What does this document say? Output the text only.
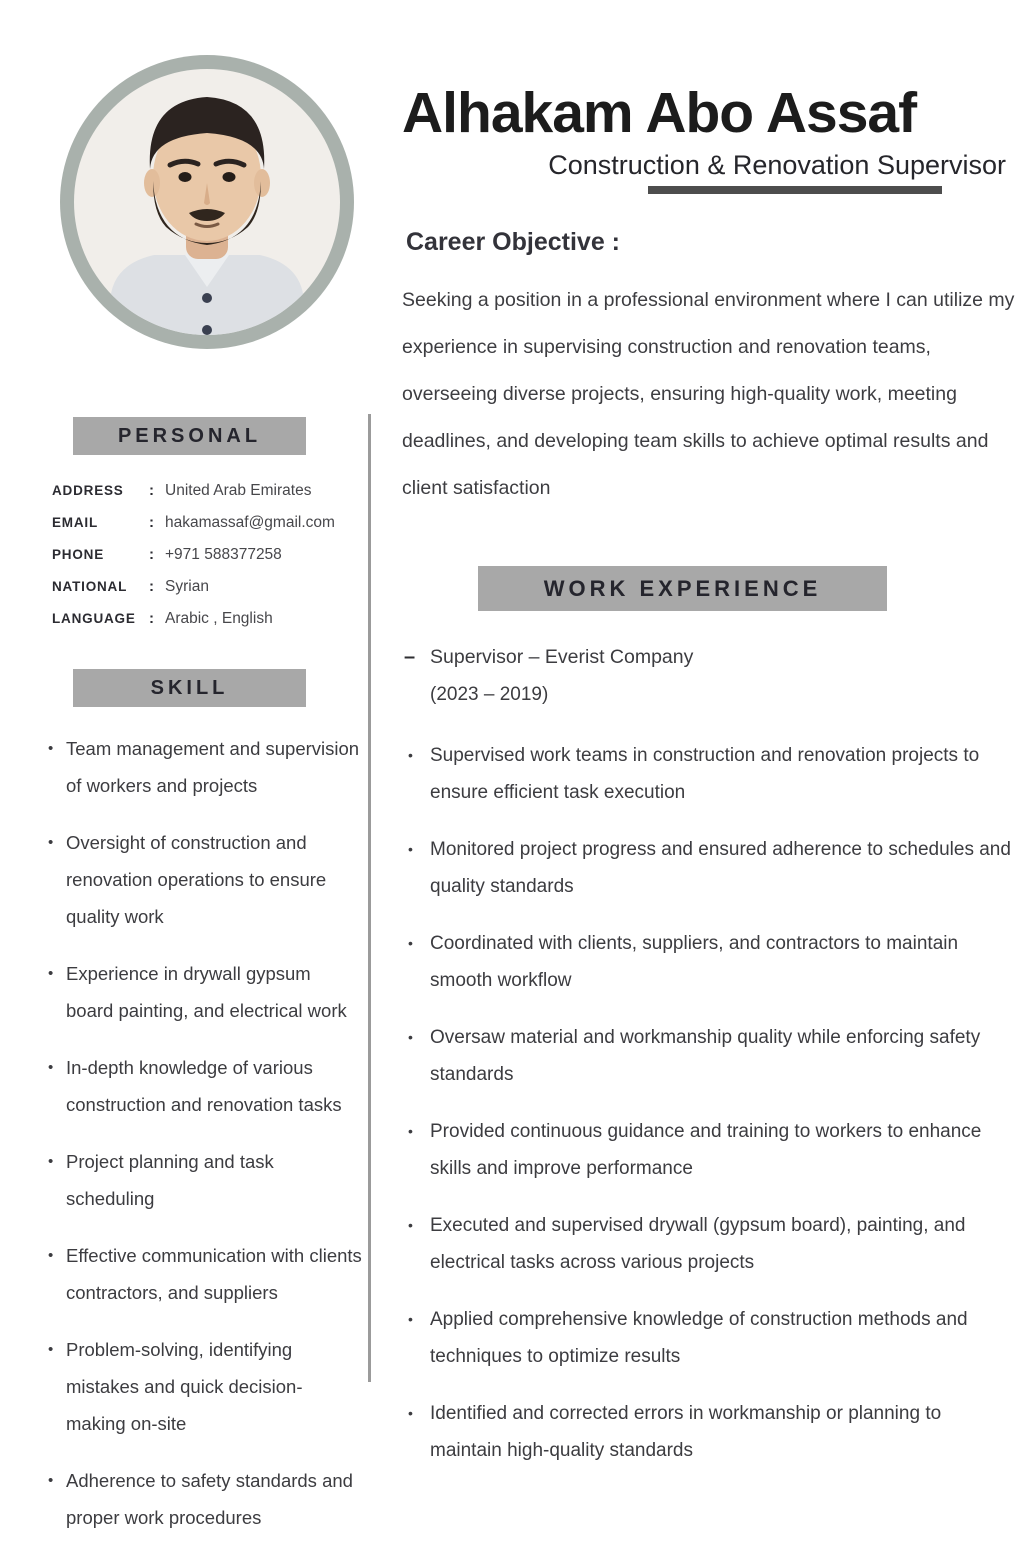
PERSONAL
ADDRESS	: United Arab Emirates
EMAIL	: hakamassaf@gmail.com
PHONE	: +971 588377258
NATIONAL	: Syrian
LANGUAGE : Arabic , English
SKILL
• Team management and supervision of workers and projects
• Oversight of construction and renovation operations to ensure quality work
• Experience in drywall gypsum board painting, and electrical work
• In-depth knowledge of various construction and renovation tasks
• Project planning and task scheduling
• Effective communication with clients contractors, and suppliers
• Problem-solving, identifying mistakes and quick decision-making on-site
• Adherence to safety standards and proper work procedures
Alhakam Abo Assaf
Construction & Renovation Supervisor
Career Objective :

Seeking a position in a professional environment where I can utilize my experience in supervising construction and renovation teams, overseeing diverse projects, ensuring high-quality work, meeting deadlines, and developing team skills to achieve optimal results and client satisfaction

WORK EXPERIENCE
– Supervisor – Everist Company
(2023 – 2019)
• Supervised work teams in construction and renovation projects to ensure efficient task execution
• Monitored project progress and ensured adherence to schedules and quality standards
• Coordinated with clients, suppliers, and contractors to maintain smooth workflow
• Oversaw material and workmanship quality while enforcing safety standards
• Provided continuous guidance and training to workers to enhance skills and improve performance
• Executed and supervised drywall (gypsum board), painting, and electrical tasks across various projects
• Applied comprehensive knowledge of construction methods and techniques to optimize results
• Identified and corrected errors in workmanship or planning to maintain high-quality standards
